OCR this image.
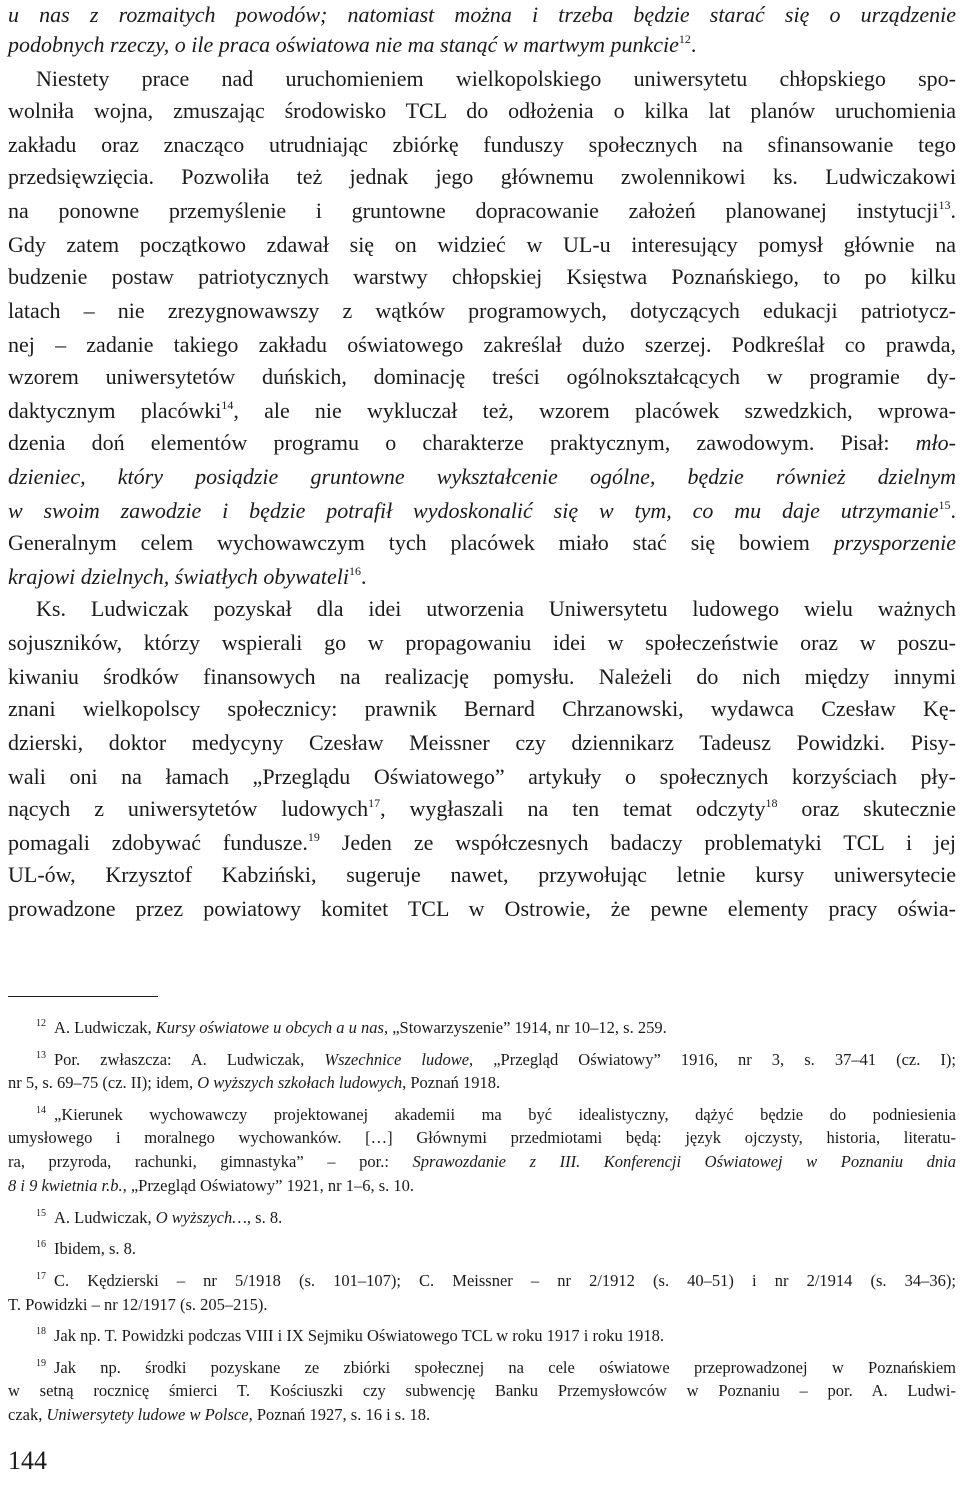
u nas z rozmaitych powodów; natomiast można i trzeba będzie starać się o urządzenie
podobnych rzeczy, o ile praca oświatowa nie ma stanąć w martwym punkcie$^{12}$.
Niestety prace nad uruchomieniem wielkopolskiego uniwersytetu chłopskiego spo-
wolniła wojna, zmuszając środowisko TCL do odłożenia o kilka lat planów uruchomienia
zakładu oraz znacząco utrudniając zbiórkę funduszy społecznych na sfinansowanie tego
przedsięwzięcia. Pozwoliła też jednak jego głównemu zwolennikowi ks. Ludwiczakowi
na ponowne przemyślenie i gruntowne dopracowanie założeń planowanej instytucji$^{13}$.
Gdy zatem początkowo zdawał się on widzieć w UL-u interesujący pomysł głównie na
budzenie postaw patriotycznych warstwy chłopskiej Księstwa Poznańskiego, to po kilku
latach – nie zrezygnowawszy z wątków programowych, dotyczących edukacji patriotycz-
nej – zadanie takiego zakładu oświatowego zakreślał dużo szerzej. Podkreślał co prawda,
wzorem uniwersytetów duńskich, dominację treści ogólnokształcących w programie dy-
daktycznym placówki$^{14}$, ale nie wykluczał też, wzorem placówek szwedzkich, wprowa-
dzenia doń elementów programu o charakterze praktycznym, zawodowym. Pisał: mło-
dzieniec, który posiądzie gruntowne wykształcenie ogólne, będzie również dzielnym
w swoim zawodzie i będzie potrafił wydoskonalić się w tym, co mu daje utrzymanie$^{15}$.
Generalnym celem wychowawczym tych placówek miało stać się bowiem przysporzenie
krajowi dzielnych, światłych obywateli$^{16}$.
Ks. Ludwiczak pozyskał dla idei utworzenia Uniwersytetu ludowego wielu ważnych
sojuszników, którzy wspierali go w propagowaniu idei w społeczeństwie oraz w poszu-
kiwaniu środków finansowych na realizację pomysłu. Należeli do nich między innymi
znani wielkopolscy społecznicy: prawnik Bernard Chrzanowski, wydawca Czesław Kę-
dzierski, doktor medycyny Czesław Meissner czy dziennikarz Tadeusz Powidzki. Pisy-
wali oni na łamach „Przeglądu Oświatowego” artykuły o społecznych korzyściach pły-
nących z uniwersytetów ludowych$^{17}$, wygłaszali na ten temat odczyty$^{18}$ oraz skutecznie
pomagali zdobywać fundusze.$^{19}$ Jeden ze współczesnych badaczy problematyki TCL i jej
UL-ów, Krzysztof Kabziński, sugeruje nawet, przywołując letnie kursy uniwersytecie
prowadzone przez powiatowy komitet TCL w Ostrowie, że pewne elementy pracy oświa-
$^{12}$ A. Ludwiczak, Kursy oświatowe u obcych a u nas, „Stowarzyszenie” 1914, nr 10–12, s. 259.
$^{13}$ Por. zwłaszcza: A. Ludwiczak, Wszechnice ludowe, „Przegląd Oświatowy” 1916, nr 3, s. 37–41 (cz. I);
nr 5, s. 69–75 (cz. II); idem, O wyższych szkołach ludowych, Poznań 1918.
$^{14}$ „Kierunek wychowawczy projektowanej akademii ma być idealistyczny, dążyć będzie do podniesienia
umysłowego i moralnego wychowanków. […] Głównymi przedmiotami będą: język ojczysty, historia, literatu-
ra, przyroda, rachunki, gimnastyka” – por.: Sprawozdanie z III. Konferencji Oświatowej w Poznaniu dnia
8 i 9 kwietnia r.b., „Przegląd Oświatowy” 1921, nr 1–6, s. 10.
$^{15}$ A. Ludwiczak, O wyższych…, s. 8.
$^{16}$ Ibidem, s. 8.
$^{17}$ C. Kędzierski – nr 5/1918 (s. 101–107); C. Meissner – nr 2/1912 (s. 40–51) i nr 2/1914 (s. 34–36);
T. Powidzki – nr 12/1917 (s. 205–215).
$^{18}$ Jak np. T. Powidzki podczas VIII i IX Sejmiku Oświatowego TCL w roku 1917 i roku 1918.
$^{19}$ Jak np. środki pozyskane ze zbiórki społecznej na cele oświatowe przeprowadzonej w Poznańskiem
w setną rocznicę śmierci T. Kościuszki czy subwencję Banku Przemysłowców w Poznaniu – por. A. Ludwi-
czak, Uniwersytety ludowe w Polsce, Poznań 1927, s. 16 i s. 18.
144
